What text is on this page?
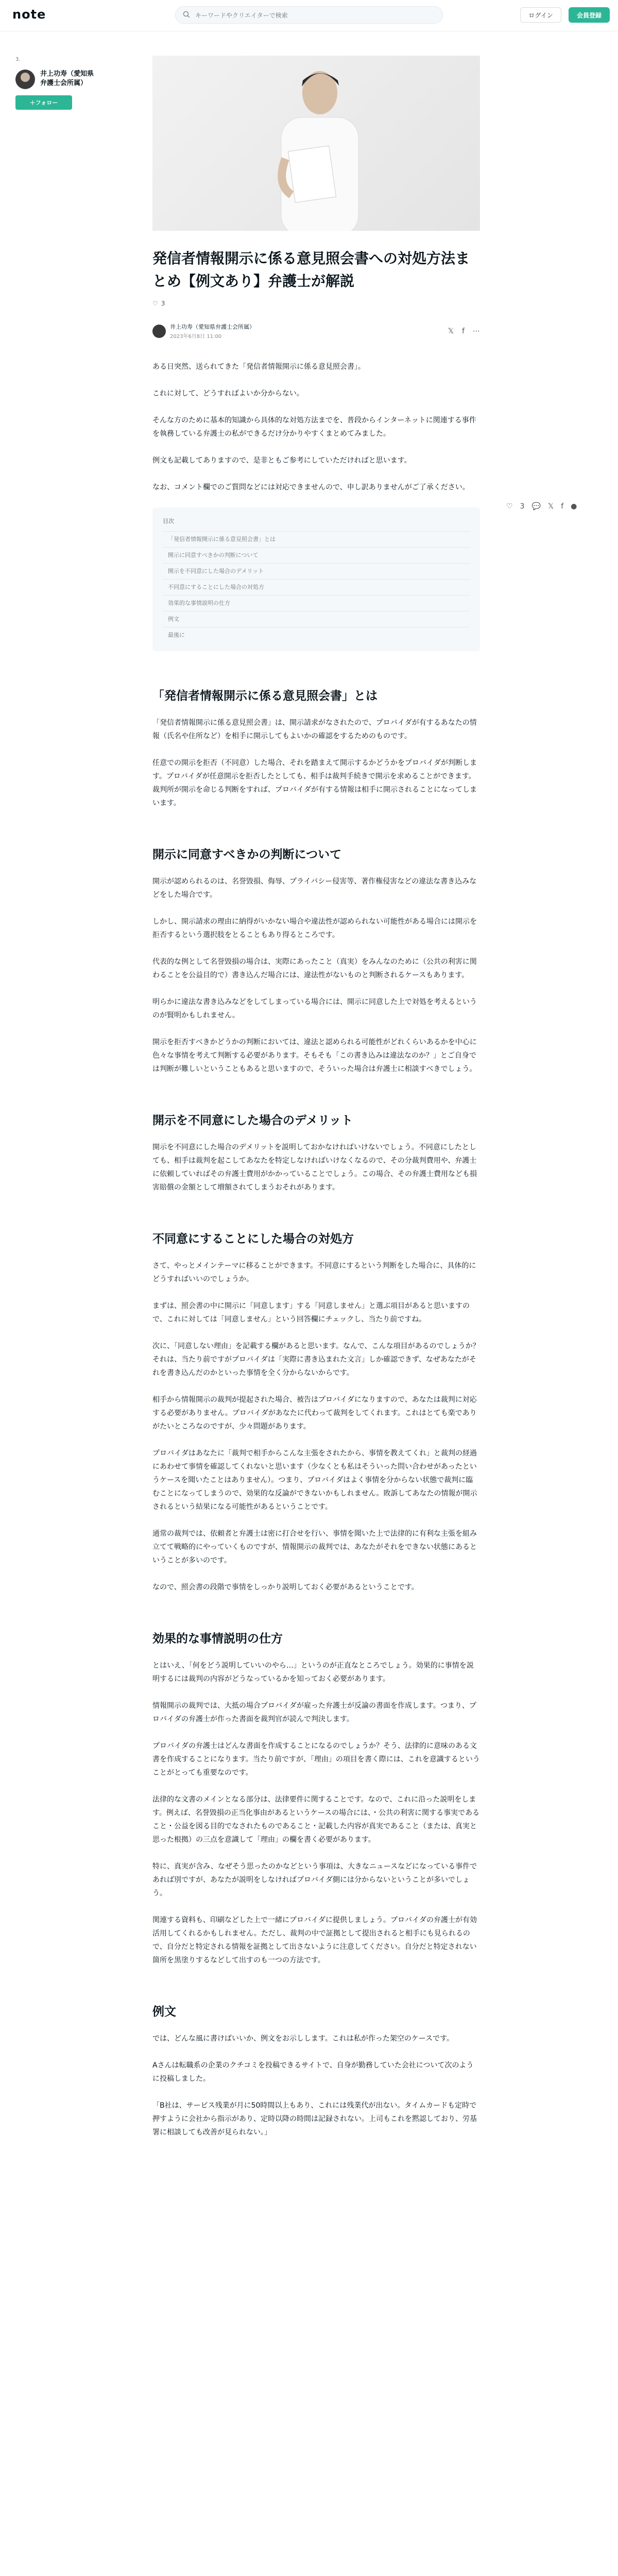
note
キーワードやクリエイターで検索	ログイン	会員登録
3.
井上功寿（愛知県弁護士会所属）
＋フォロー
♡ 3 💬 𝕏 f ●
発信者情報開示に係る意見照会書への対処方法まとめ【例文あり】弁護士が解説
♡ 3
井上功寿（愛知県弁護士会所属）
2023年6月8日 11:00
𝕏 f ⋯

ある日突然、送られてきた「発信者情報開示に係る意見照会書」。

これに対して、どうすればよいか分からない。

そんな方のために基本的知識から具体的な対処方法までを、普段からインターネットに関連する事件を執務している弁護士の私ができるだけ分かりやすくまとめてみました。

例文も記載してありますので、是非ともご参考にしていただければと思います。

なお、コメント欄でのご質問などには対応できませんので、申し訳ありませんがご了承ください。

目次
「発信者情報開示に係る意見照会書」とは
開示に同意すべきかの判断について
開示を不同意にした場合のデメリット
不同意にすることにした場合の対処方
効果的な事情説明の仕方
例文
最後に
「発信者情報開示に係る意見照会書」とは

「発信者情報開示に係る意見照会書」は、開示請求がなされたので、プロバイダが有するあなたの情報（氏名や住所など）を相手に開示してもよいかの確認をするためのものです。

任意での開示を拒否（不同意）した場合、それを踏まえて開示するかどうかをプロバイダが判断します。プロバイダが任意開示を拒否したとしても、相手は裁判手続きで開示を求めることができます。裁判所が開示を命じる判断をすれば、プロバイダが有する情報は相手に開示されることになってしまいます。

開示に同意すべきかの判断について

開示が認められるのは、名誉毀損、侮辱、プライバシー侵害等、著作権侵害などの違法な書き込みなどをした場合です。

しかし、開示請求の理由に納得がいかない場合や違法性が認められない可能性がある場合には開示を拒否するという選択肢をとることもあり得るところです。

代表的な例として名誉毀損の場合は、実際にあったこと（真実）をみんなのために（公共の利害に関わることを公益目的で）書き込んだ場合には、違法性がないものと判断されるケースもあります。

明らかに違法な書き込みなどをしてしまっている場合には、開示に同意した上で対処を考えるというのが賢明かもしれません。

開示を拒否すべきかどうかの判断においては、違法と認められる可能性がどれくらいあるかを中心に色々な事情を考えて判断する必要があります。そもそも「この書き込みは違法なのか？」とご自身では判断が難しいということもあると思いますので、そういった場合は弁護士に相談すべきでしょう。

開示を不同意にした場合のデメリット

開示を不同意にした場合のデメリットを説明しておかなければいけないでしょう。不同意にしたとしても、相手は裁判を起こしてあなたを特定しなければいけなくなるので、その分裁判費用や、弁護士に依頼していればその弁護士費用がかかっていることでしょう。この場合、その弁護士費用なども損害賠償の金額として増額されてしまうおそれがあります。

不同意にすることにした場合の対処方

さて、やっとメインテーマに移ることができます。不同意にするという判断をした場合に、具体的にどうすればいいのでしょうか。

まずは、照会書の中に開示に「同意します」する「同意しません」と選ぶ項目があると思いますので、これに対しては「同意しません」という回答欄にチェックし、当たり前ですね。

次に、「同意しない理由」を記載する欄があると思います。なんで、こんな項目があるのでしょうか？それは、当たり前ですがプロバイダは「実際に書き込まれた文言」しか確認できず、なぜあなたがそれを書き込んだのかといった事情を全く分からないからです。

相手から情報開示の裁判が提起された場合、被告はプロバイダになりますので、あなたは裁判に対応する必要がありません。プロバイダがあなたに代わって裁判をしてくれます。これはとても楽でありがたいところなのですが、少々問題があります。

プロバイダはあなたに「裁判で相手からこんな主張をされたから、事情を教えてくれ」と裁判の経過にあわせて事情を確認してくれないと思います（少なくとも私はそういった問い合わせがあったというケースを聞いたことはありません）。つまり、プロバイダはよく事情を分からない状態で裁判に臨むことになってしまうので、効果的な反論ができないかもしれません。敗訴してあなたの情報が開示されるという結果になる可能性があるということです。

通常の裁判では、依頼者と弁護士は密に打合せを行い、事情を聞いた上で法律的に有利な主張を組み立てて戦略的にやっていくものですが、情報開示の裁判では、あなたがそれをできない状態にあるということが多いのです。

なので、照会書の段階で事情をしっかり説明しておく必要があるということです。

効果的な事情説明の仕方

とはいえ、「何をどう説明していいのやら…」というのが正直なところでしょう。効果的に事情を説明するには裁判の内容がどうなっているかを知っておく必要があります。

情報開示の裁判では、大抵の場合プロバイダが雇った弁護士が反論の書面を作成します。つまり、プロバイダの弁護士が作った書面を裁判官が読んで判決します。

プロバイダの弁護士はどんな書面を作成することになるのでしょうか？そう、法律的に意味のある文書を作成することになります。当たり前ですが、「理由」の項目を書く際には、これを意識するということがとっても重要なのです。

法律的な文書のメインとなる部分は、法律要件に関することです。なので、これに沿った説明をします。例えば、名誉毀損の正当化事由があるというケースの場合には、・公共の利害に関する事実であること・公益を図る目的でなされたものであること・記載した内容が真実であること（または、真実と思った根拠）の三点を意識して「理由」の欄を書く必要があります。

特に、真実が含み、なぜそう思ったのかなどという事項は、大きなニュースなどになっている事件であれば別ですが、あなたが説明をしなければプロバイダ側には分からないということが多いでしょう。

関連する資料も、印刷などした上で一緒にプロバイダに提供しましょう。プロバイダの弁護士が有効活用してくれるかもしれません。ただし、裁判の中で証拠として提出されると相手にも見られるので、自分だと特定される情報を証拠として出さないように注意してください。自分だと特定されない箇所を黒塗りするなどして出すのも一つの方法です。

例文

では、どんな風に書けばいいか、例文をお示しします。これは私が作った架空のケースです。

Aさんは転職系の企業のクチコミを投稿できるサイトで、自身が勤務していた会社について次のように投稿しました。

「B社は、サービス残業が月に50時間以上もあり、これには残業代が出ない。タイムカードも定時で押すように会社から指示があり、定時以降の時間は記録されない。上司もこれを黙認しており、労基署に相談しても改善が見られない。」
